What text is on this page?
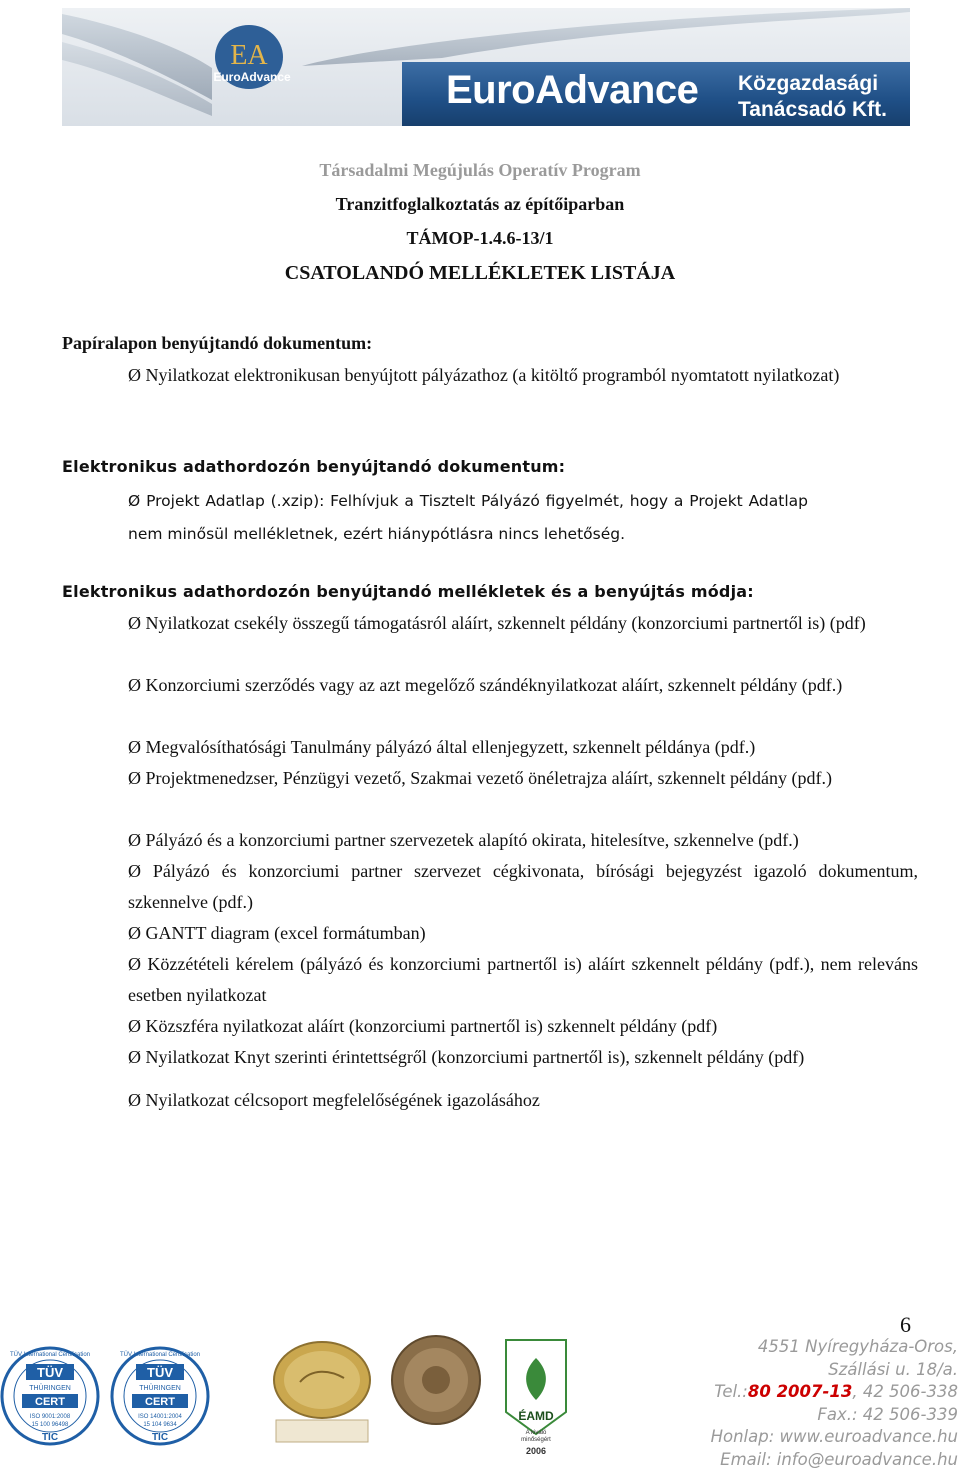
EA
EuroAdvance	EuroAdvance Közgazdasági
Tanácsadó Kft.
Társadalmi Megújulás Operatív Program
Tranzitfoglalkoztatás az építőiparban
TÁMOP-1.4.6-13/1
CSATOLANDÓ MELLÉKLETEK LISTÁJA
Papíralapon benyújtandó dokumentum:
Ø Nyilatkozat elektronikusan benyújtott pályázathoz (a kitöltő programból nyomtatott nyilatkozat)
Elektronikus adathordozón benyújtandó dokumentum:
Ø Projekt Adatlap (.xzip): Felhívjuk a Tisztelt Pályázó figyelmét, hogy a Projekt Adatlap nem minősül mellékletnek, ezért hiánypótlásra nincs lehetőség.
Elektronikus adathordozón benyújtandó mellékletek és a benyújtás módja:
Ø Nyilatkozat csekély összegű támogatásról aláírt, szkennelt példány (konzorciumi partnertől is) (pdf)
Ø Konzorciumi szerződés vagy az azt megelőző szándéknyilatkozat aláírt, szkennelt példány (pdf.)
Ø Megvalósíthatósági Tanulmány pályázó által ellenjegyzett, szkennelt példánya (pdf.)
Ø Projektmenedzser, Pénzügyi vezető, Szakmai vezető önéletrajza aláírt, szkennelt példány (pdf.)
Ø Pályázó és a konzorciumi partner szervezetek alapító okirata, hitelesítve, szkennelve (pdf.)
Ø Pályázó és konzorciumi partner szervezet cégkivonata, bírósági bejegyzést igazoló dokumentum, szkennelve (pdf.)
Ø GANTT diagram (excel formátumban)
Ø Közzétételi kérelem (pályázó és konzorciumi partnertől is) aláírt szkennelt példány (pdf.), nem releváns esetben nyilatkozat
Ø Közszféra nyilatkozat aláírt (konzorciumi partnertől is) szkennelt példány (pdf)
Ø Nyilatkozat Knyt szerinti érintettségről (konzorciumi partnertől is), szkennelt példány (pdf)
Ø Nyilatkozat célcsoport megfelelőségének igazolásához
6
TÜV International Certification
TÜV
THÜRINGEN
CERT
ISO 9001:2008
15 100 96498
TIC
TÜV International Certification
TÜV
THÜRINGEN
CERT
ISO 14001:2004
15 104 9634
TIC
ÉAMD
A kiváló
minőségért
2006
4551 Nyíregyháza-Oros,
Szállási u. 18/a.
Tel.:80 2007-13, 42 506-338
Fax.: 42 506-339
Honlap: www.euroadvance.hu
Email: info@euroadvance.hu
